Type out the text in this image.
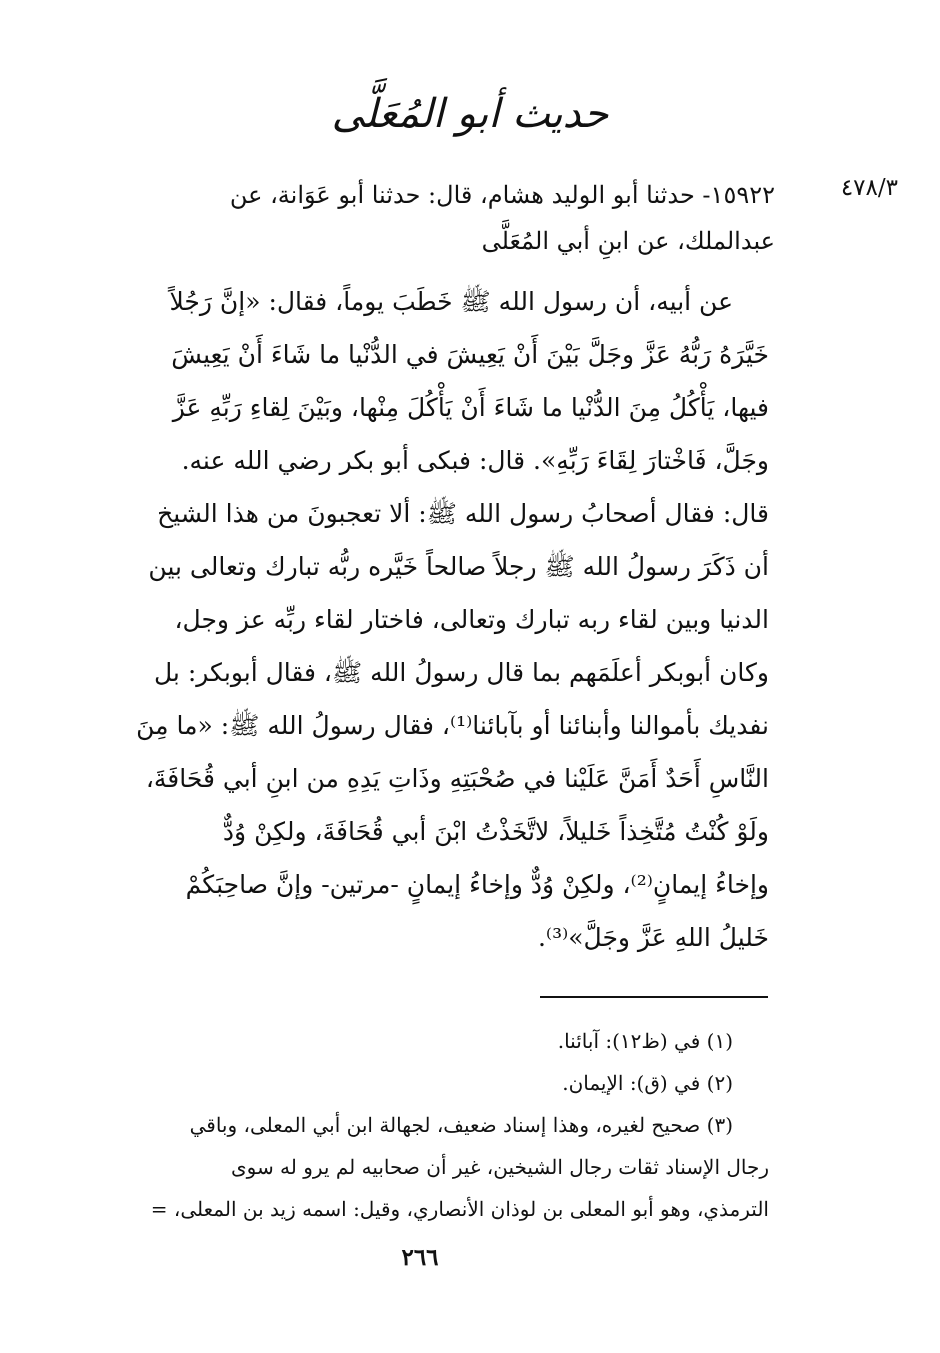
حديث أبو المُعَلَّى
٤٧٨/٣
١٥٩٢٢- حدثنا أبو الوليد هشام، قال: حدثنا أبو عَوَانة، عن
عبدالملك، عن ابنِ أبي المُعَلَّى
عن أبيه، أن رسول الله ﷺ خَطَبَ يوماً، فقال: «إنَّ رَجُلاً
خَيَّرَهُ رَبُّهُ عَزَّ وجَلَّ بَيْنَ أَنْ يَعِيشَ في الدُّنْيا ما شَاءَ أَنْ يَعِيشَ
فيها، يَأْكُلُ مِنَ الدُّنْيا ما شَاءَ أَنْ يَأْكُلَ مِنْها، وبَيْنَ لِقاءِ رَبِّهِ عَزَّ
وجَلَّ، فَاخْتارَ لِقَاءَ رَبِّهِ». قال: فبكى أبو بكر رضي الله عنه.
قال: فقال أصحابُ رسول الله ﷺ: ألا تعجبونَ من هذا الشيخ
أن ذَكَرَ رسولُ الله ﷺ رجلاً صالحاً خَيَّره ربُّه تبارك وتعالى بين
الدنيا وبين لقاء ربه تبارك وتعالى، فاختار لقاء ربِّه عز وجل،
وكان أبوبكر أعلَمَهم بما قال رسولُ الله ﷺ، فقال أبوبكر: بل
نفديك بأموالنا وأبنائنا أو بآبائنا⁽¹⁾، فقال رسولُ الله ﷺ: «ما مِنَ
النَّاسِ أَحَدٌ أَمَنَّ عَلَيْنا في صُحْبَتِهِ وذَاتِ يَدِهِ من ابنِ أبي قُحَافَةَ،
ولَوْ كُنْتُ مُتَّخِذاً خَليلاً، لاتَّخَذْتُ ابْنَ أبي قُحَافَةَ، ولكِنْ وُدٌّ
وإخاءُ إيمانٍ⁽²⁾، ولكِنْ وُدٌّ وإخاءُ إيمانٍ -مرتين- وإنَّ صاحِبَكُمْ
خَليلُ اللهِ عَزَّ وجَلَّ»⁽³⁾.
(١) في (ظ١٢): آبائنا.
(٢) في (ق): الإيمان.
(٣) صحيح لغيره، وهذا إسناد ضعيف، لجهالة ابن أبي المعلى، وباقي
رجال الإسناد ثقات رجال الشيخين، غير أن صحابيه لم يرو له سوى
الترمذي، وهو أبو المعلى بن لوذان الأنصاري، وقيل: اسمه زيد بن المعلى، =
٢٦٦
